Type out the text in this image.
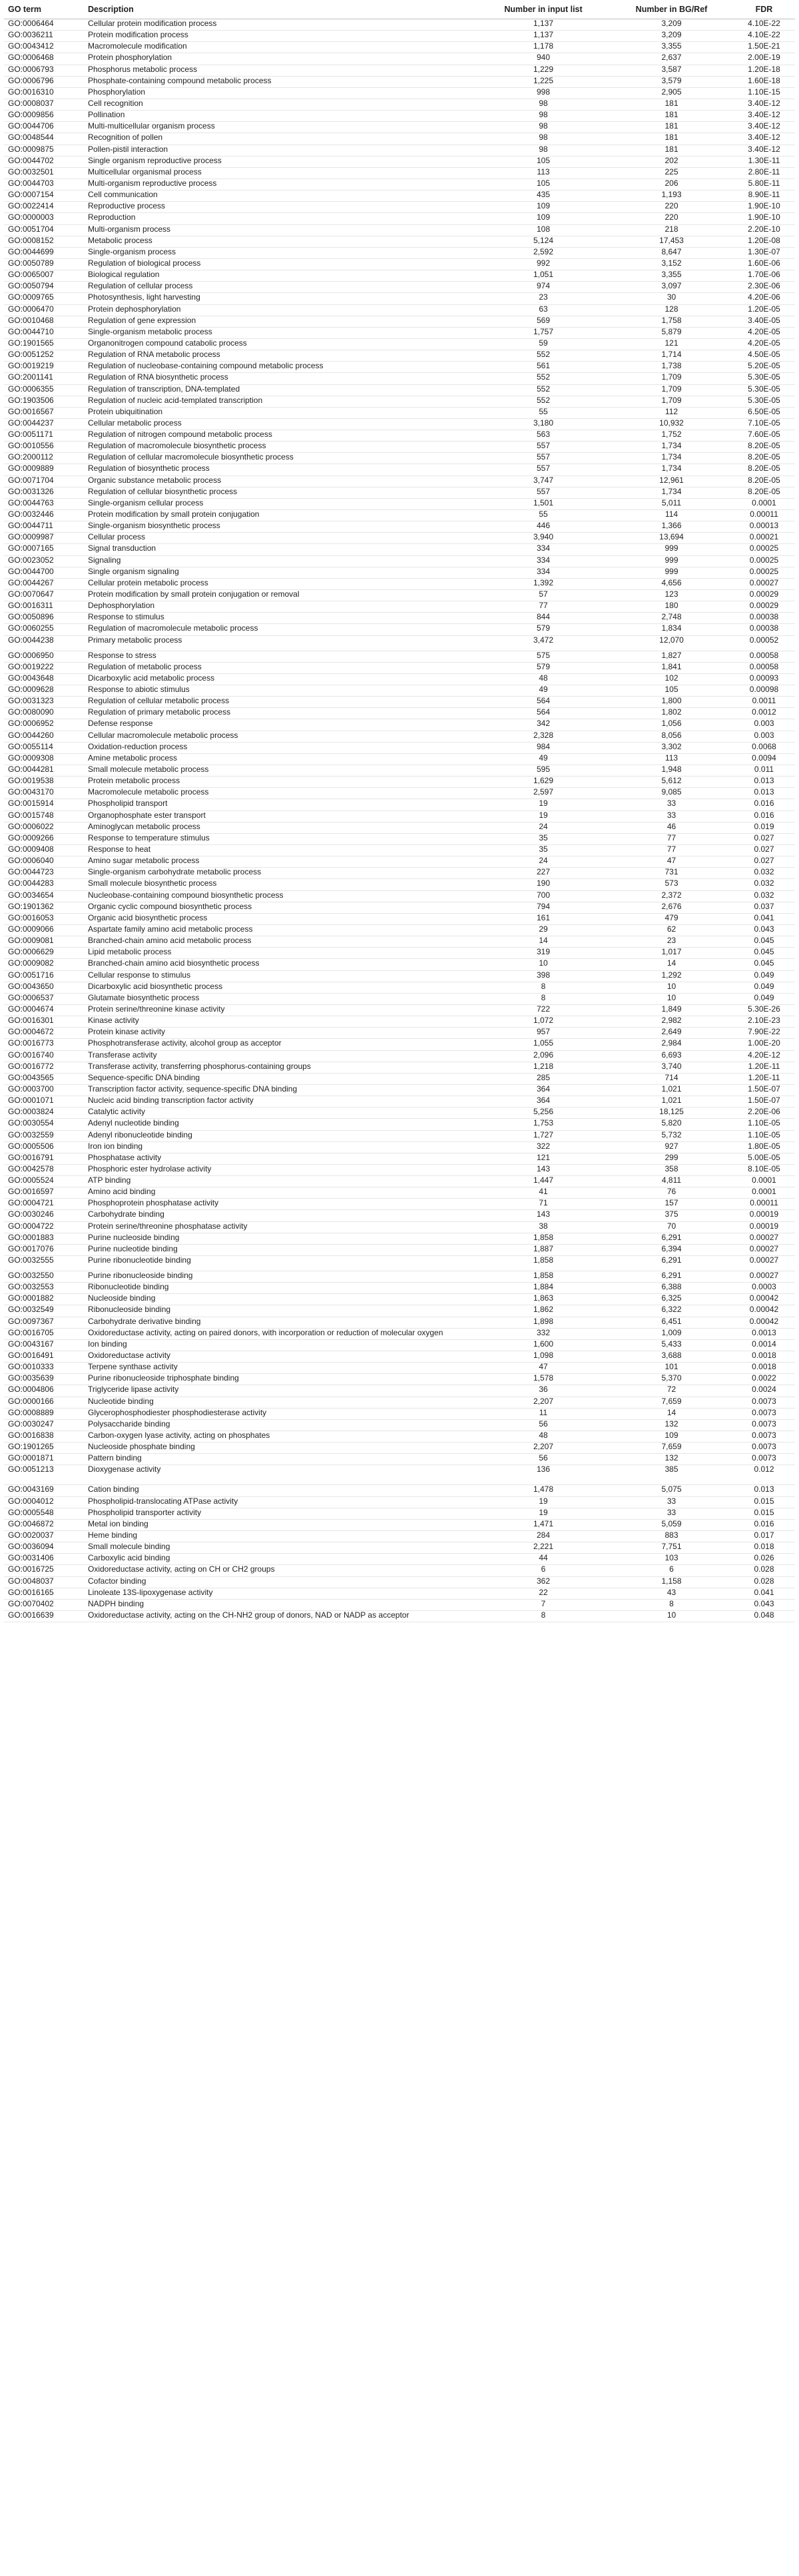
GO term	Description	Number in input list	Number in BG/Ref	FDR
GO:0006464	Cellular protein modification process	1,137	3,209	4.10E-22
GO:0036211	Protein modification process	1,137	3,209	4.10E-22
GO:0043412	Macromolecule modification	1,178	3,355	1.50E-21
GO:0006468	Protein phosphorylation	940	2,637	2.00E-19
GO:0006793	Phosphorus metabolic process	1,229	3,587	1.20E-18
GO:0006796	Phosphate-containing compound metabolic process	1,225	3,579	1.60E-18
GO:0016310	Phosphorylation	998	2,905	1.10E-15
GO:0008037	Cell recognition	98	181	3.40E-12
GO:0009856	Pollination	98	181	3.40E-12
GO:0044706	Multi-multicellular organism process	98	181	3.40E-12
GO:0048544	Recognition of pollen	98	181	3.40E-12
GO:0009875	Pollen-pistil interaction	98	181	3.40E-12
GO:0044702	Single organism reproductive process	105	202	1.30E-11
GO:0032501	Multicellular organismal process	113	225	2.80E-11
GO:0044703	Multi-organism reproductive process	105	206	5.80E-11
GO:0007154	Cell communication	435	1,193	8.90E-11
GO:0022414	Reproductive process	109	220	1.90E-10
GO:0000003	Reproduction	109	220	1.90E-10
GO:0051704	Multi-organism process	108	218	2.20E-10
GO:0008152	Metabolic process	5,124	17,453	1.20E-08
GO:0044699	Single-organism process	2,592	8,647	1.30E-07
GO:0050789	Regulation of biological process	992	3,152	1.60E-06
GO:0065007	Biological regulation	1,051	3,355	1.70E-06
GO:0050794	Regulation of cellular process	974	3,097	2.30E-06
GO:0009765	Photosynthesis, light harvesting	23	30	4.20E-06
GO:0006470	Protein dephosphorylation	63	128	1.20E-05
GO:0010468	Regulation of gene expression	569	1,758	3.40E-05
GO:0044710	Single-organism metabolic process	1,757	5,879	4.20E-05
GO:1901565	Organonitrogen compound catabolic process	59	121	4.20E-05
GO:0051252	Regulation of RNA metabolic process	552	1,714	4.50E-05
GO:0019219	Regulation of nucleobase-containing compound metabolic process	561	1,738	5.20E-05
GO:2001141	Regulation of RNA biosynthetic process	552	1,709	5.30E-05
GO:0006355	Regulation of transcription, DNA-templated	552	1,709	5.30E-05
GO:1903506	Regulation of nucleic acid-templated transcription	552	1,709	5.30E-05
GO:0016567	Protein ubiquitination	55	112	6.50E-05
GO:0044237	Cellular metabolic process	3,180	10,932	7.10E-05
GO:0051171	Regulation of nitrogen compound metabolic process	563	1,752	7.60E-05
GO:0010556	Regulation of macromolecule biosynthetic process	557	1,734	8.20E-05
GO:2000112	Regulation of cellular macromolecule biosynthetic process	557	1,734	8.20E-05
GO:0009889	Regulation of biosynthetic process	557	1,734	8.20E-05
GO:0071704	Organic substance metabolic process	3,747	12,961	8.20E-05
GO:0031326	Regulation of cellular biosynthetic process	557	1,734	8.20E-05
GO:0044763	Single-organism cellular process	1,501	5,011	0.0001
GO:0032446	Protein modification by small protein conjugation	55	114	0.00011
GO:0044711	Single-organism biosynthetic process	446	1,366	0.00013
GO:0009987	Cellular process	3,940	13,694	0.00021
GO:0007165	Signal transduction	334	999	0.00025
GO:0023052	Signaling	334	999	0.00025
GO:0044700	Single organism signaling	334	999	0.00025
GO:0044267	Cellular protein metabolic process	1,392	4,656	0.00027
GO:0070647	Protein modification by small protein conjugation or removal	57	123	0.00029
GO:0016311	Dephosphorylation	77	180	0.00029
GO:0050896	Response to stimulus	844	2,748	0.00038
GO:0060255	Regulation of macromolecule metabolic process	579	1,834	0.00038
GO:0044238	Primary metabolic process	3,472	12,070	0.00052
GO:0006950	Response to stress	575	1,827	0.00058
GO:0019222	Regulation of metabolic process	579	1,841	0.00058
GO:0043648	Dicarboxylic acid metabolic process	48	102	0.00093
GO:0009628	Response to abiotic stimulus	49	105	0.00098
GO:0031323	Regulation of cellular metabolic process	564	1,800	0.0011
GO:0080090	Regulation of primary metabolic process	564	1,802	0.0012
GO:0006952	Defense response	342	1,056	0.003
GO:0044260	Cellular macromolecule metabolic process	2,328	8,056	0.003
GO:0055114	Oxidation-reduction process	984	3,302	0.0068
GO:0009308	Amine metabolic process	49	113	0.0094
GO:0044281	Small molecule metabolic process	595	1,948	0.011
GO:0019538	Protein metabolic process	1,629	5,612	0.013
GO:0043170	Macromolecule metabolic process	2,597	9,085	0.013
GO:0015914	Phospholipid transport	19	33	0.016
GO:0015748	Organophosphate ester transport	19	33	0.016
GO:0006022	Aminoglycan metabolic process	24	46	0.019
GO:0009266	Response to temperature stimulus	35	77	0.027
GO:0009408	Response to heat	35	77	0.027
GO:0006040	Amino sugar metabolic process	24	47	0.027
GO:0044723	Single-organism carbohydrate metabolic process	227	731	0.032
GO:0044283	Small molecule biosynthetic process	190	573	0.032
GO:0034654	Nucleobase-containing compound biosynthetic process	700	2,372	0.032
GO:1901362	Organic cyclic compound biosynthetic process	794	2,676	0.037
GO:0016053	Organic acid biosynthetic process	161	479	0.041
GO:0009066	Aspartate family amino acid metabolic process	29	62	0.043
GO:0009081	Branched-chain amino acid metabolic process	14	23	0.045
GO:0006629	Lipid metabolic process	319	1,017	0.045
GO:0009082	Branched-chain amino acid biosynthetic process	10	14	0.045
GO:0051716	Cellular response to stimulus	398	1,292	0.049
GO:0043650	Dicarboxylic acid biosynthetic process	8	10	0.049
GO:0006537	Glutamate biosynthetic process	8	10	0.049
GO:0004674	Protein serine/threonine kinase activity	722	1,849	5.30E-26
GO:0016301	Kinase activity	1,072	2,982	2.10E-23
GO:0004672	Protein kinase activity	957	2,649	7.90E-22
GO:0016773	Phosphotransferase activity, alcohol group as acceptor	1,055	2,984	1.00E-20
GO:0016740	Transferase activity	2,096	6,693	4.20E-12
GO:0016772	Transferase activity, transferring phosphorus-containing groups	1,218	3,740	1.20E-11
GO:0043565	Sequence-specific DNA binding	285	714	1.20E-11
GO:0003700	Transcription factor activity, sequence-specific DNA binding	364	1,021	1.50E-07
GO:0001071	Nucleic acid binding transcription factor activity	364	1,021	1.50E-07
GO:0003824	Catalytic activity	5,256	18,125	2.20E-06
GO:0030554	Adenyl nucleotide binding	1,753	5,820	1.10E-05
GO:0032559	Adenyl ribonucleotide binding	1,727	5,732	1.10E-05
GO:0005506	Iron ion binding	322	927	1.80E-05
GO:0016791	Phosphatase activity	121	299	5.00E-05
GO:0042578	Phosphoric ester hydrolase activity	143	358	8.10E-05
GO:0005524	ATP binding	1,447	4,811	0.0001
GO:0016597	Amino acid binding	41	76	0.0001
GO:0004721	Phosphoprotein phosphatase activity	71	157	0.00011
GO:0030246	Carbohydrate binding	143	375	0.00019
GO:0004722	Protein serine/threonine phosphatase activity	38	70	0.00019
GO:0001883	Purine nucleoside binding	1,858	6,291	0.00027
GO:0017076	Purine nucleotide binding	1,887	6,394	0.00027
GO:0032555	Purine ribonucleotide binding	1,858	6,291	0.00027
GO:0032550	Purine ribonucleoside binding	1,858	6,291	0.00027
GO:0032553	Ribonucleotide binding	1,884	6,388	0.0003
GO:0001882	Nucleoside binding	1,863	6,325	0.00042
GO:0032549	Ribonucleoside binding	1,862	6,322	0.00042
GO:0097367	Carbohydrate derivative binding	1,898	6,451	0.00042
GO:0016705	Oxidoreductase activity, acting on paired donors, with incorporation or reduction of molecular oxygen	332	1,009	0.0013
GO:0043167	Ion binding	1,600	5,433	0.0014
GO:0016491	Oxidoreductase activity	1,098	3,688	0.0018
GO:0010333	Terpene synthase activity	47	101	0.0018
GO:0035639	Purine ribonucleoside triphosphate binding	1,578	5,370	0.0022
GO:0004806	Triglyceride lipase activity	36	72	0.0024
GO:0000166	Nucleotide binding	2,207	7,659	0.0073
GO:0008889	Glycerophosphodiester phosphodiesterase activity	11	14	0.0073
GO:0030247	Polysaccharide binding	56	132	0.0073
GO:0016838	Carbon-oxygen lyase activity, acting on phosphates	48	109	0.0073
GO:1901265	Nucleoside phosphate binding	2,207	7,659	0.0073
GO:0001871	Pattern binding	56	132	0.0073
GO:0051213	Dioxygenase activity	136	385	0.012
GO:0043169	Cation binding	1,478	5,075	0.013
GO:0004012	Phospholipid-translocating ATPase activity	19	33	0.015
GO:0005548	Phospholipid transporter activity	19	33	0.015
GO:0046872	Metal ion binding	1,471	5,059	0.016
GO:0020037	Heme binding	284	883	0.017
GO:0036094	Small molecule binding	2,221	7,751	0.018
GO:0031406	Carboxylic acid binding	44	103	0.026
GO:0016725	Oxidoreductase activity, acting on CH or CH2 groups	6	6	0.028
GO:0048037	Cofactor binding	362	1,158	0.028
GO:0016165	Linoleate 13S-lipoxygenase activity	22	43	0.041
GO:0070402	NADPH binding	7	8	0.043
GO:0016639	Oxidoreductase activity, acting on the CH-NH2 group of donors, NAD or NADP as acceptor	8	10	0.048
